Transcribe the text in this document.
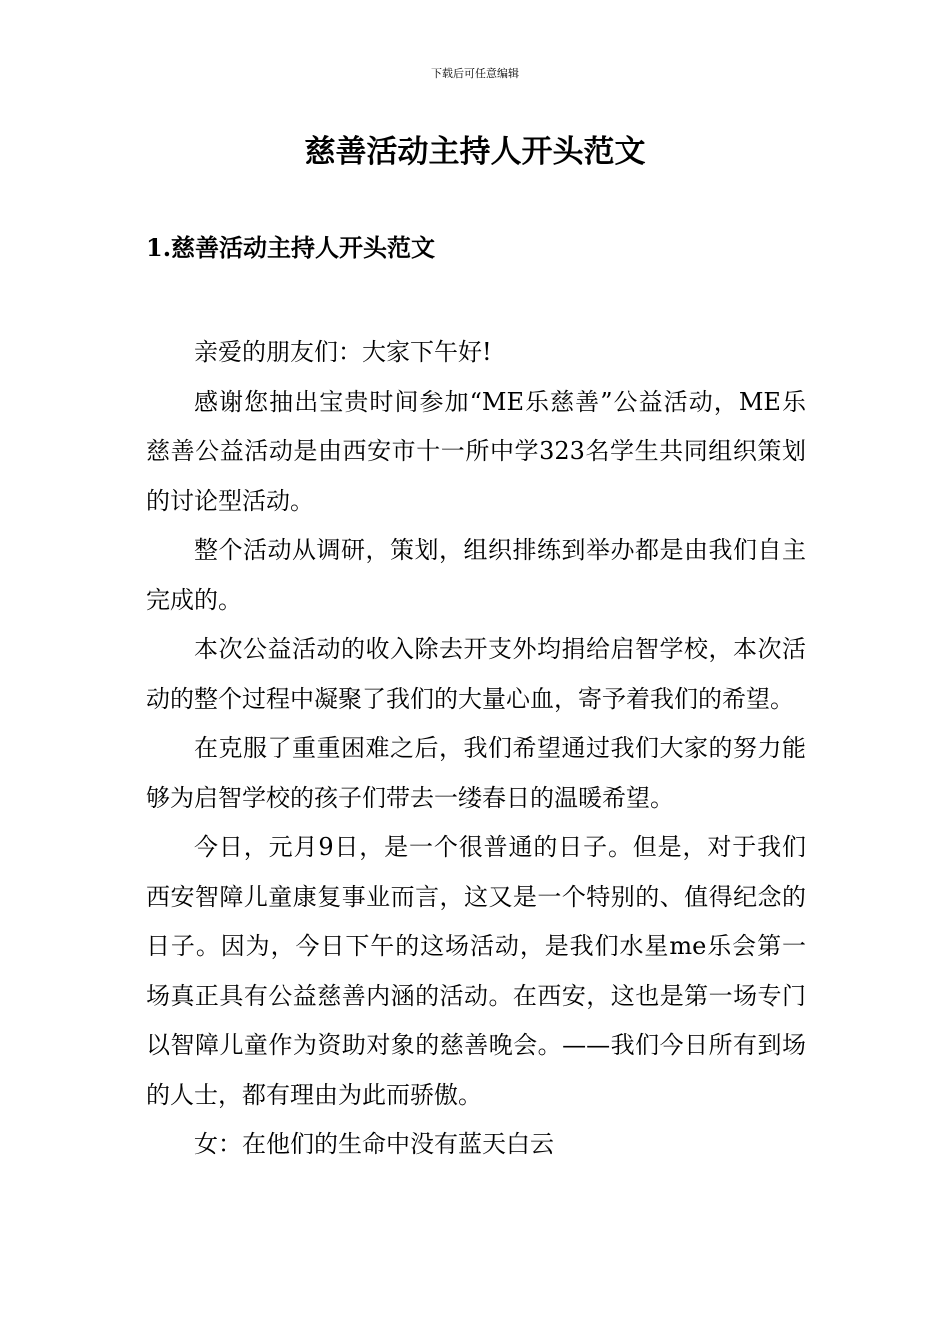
下载后可任意编辑
慈善活动主持人开头范文
1.慈善活动主持人开头范文

亲爱的朋友们：大家下午好!

感谢您抽出宝贵时间参加“ME乐慈善”公益活动，ME乐慈善公益活动是由西安市十一所中学323名学生共同组织策划的讨论型活动。

整个活动从调研，策划，组织排练到举办都是由我们自主完成的。

本次公益活动的收入除去开支外均捐给启智学校，本次活动的整个过程中凝聚了我们的大量心血，寄予着我们的希望。

在克服了重重困难之后，我们希望通过我们大家的努力能够为启智学校的孩子们带去一缕春日的温暖希望。

今日，元月9日，是一个很普通的日子。但是，对于我们西安智障儿童康复事业而言，这又是一个特别的、值得纪念的日子。因为，今日下午的这场活动，是我们水星me乐会第一场真正具有公益慈善内涵的活动。在西安，这也是第一场专门以智障儿童作为资助对象的慈善晚会。——我们今日所有到场的人士，都有理由为此而骄傲。

女：在他们的生命中没有蓝天白云
